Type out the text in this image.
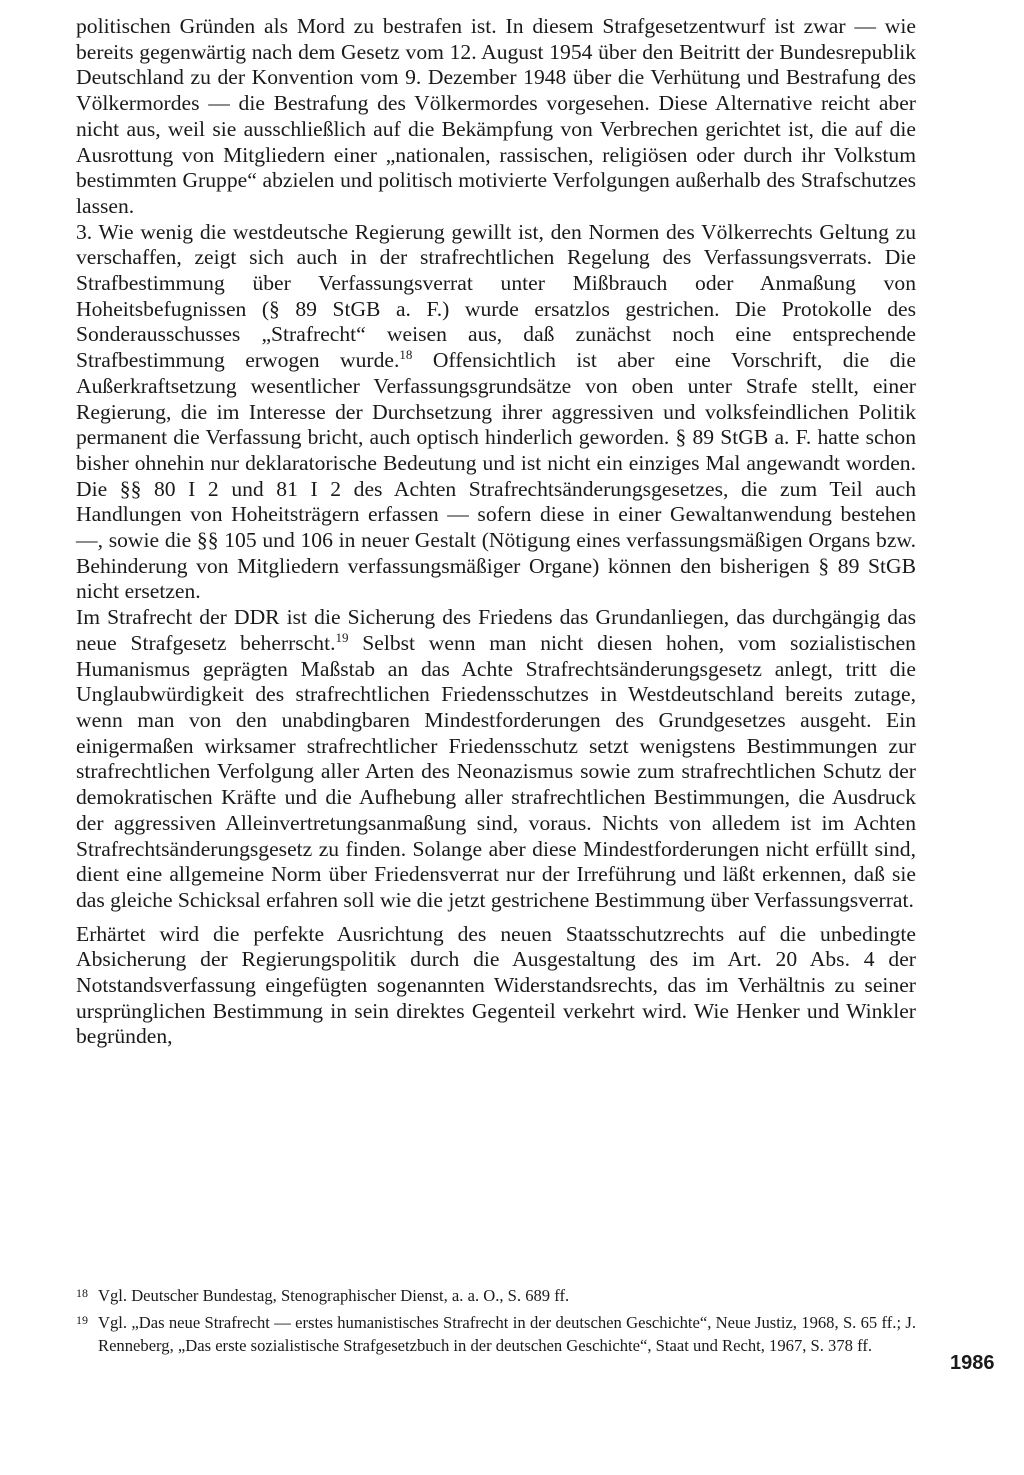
politischen Gründen als Mord zu bestrafen ist. In diesem Strafgesetzentwurf ist zwar — wie bereits gegenwärtig nach dem Gesetz vom 12. August 1954 über den Beitritt der Bundesrepublik Deutschland zu der Konvention vom 9. Dezember 1948 über die Verhütung und Bestrafung des Völkermordes — die Bestrafung des Völkermordes vorgesehen. Diese Alternative reicht aber nicht aus, weil sie ausschließlich auf die Bekämpfung von Verbrechen gerichtet ist, die auf die Ausrottung von Mitgliedern einer „nationalen, rassischen, religiösen oder durch ihr Volkstum bestimmten Gruppe“ abzielen und politisch motivierte Verfolgungen außerhalb des Strafschutzes lassen.

3. Wie wenig die westdeutsche Regierung gewillt ist, den Normen des Völkerrechts Geltung zu verschaffen, zeigt sich auch in der strafrechtlichen Regelung des Verfassungsverrats. Die Strafbestimmung über Verfassungsverrat unter Mißbrauch oder Anmaßung von Hoheitsbefugnissen (§ 89 StGB a. F.) wurde ersatzlos gestrichen. Die Protokolle des Sonderausschusses „Strafrecht“ weisen aus, daß zunächst noch eine entsprechende Strafbestimmung erwogen wurde.$^{18}$ Offensichtlich ist aber eine Vorschrift, die die Außerkraftsetzung wesentlicher Verfassungsgrundsätze von oben unter Strafe stellt, einer Regierung, die im Interesse der Durchsetzung ihrer aggressiven und volksfeindlichen Politik permanent die Verfassung bricht, auch optisch hinderlich geworden. § 89 StGB a. F. hatte schon bisher ohnehin nur deklaratorische Bedeutung und ist nicht ein einziges Mal angewandt worden. Die §§ 80 I 2 und 81 I 2 des Achten Strafrechtsänderungsgesetzes, die zum Teil auch Handlungen von Hoheitsträgern erfassen — sofern diese in einer Gewaltanwendung bestehen —, sowie die §§ 105 und 106 in neuer Gestalt (Nötigung eines verfassungsmäßigen Organs bzw. Behinderung von Mitgliedern verfassungsmäßiger Organe) können den bisherigen § 89 StGB nicht ersetzen.

Im Strafrecht der DDR ist die Sicherung des Friedens das Grundanliegen, das durchgängig das neue Strafgesetz beherrscht.$^{19}$ Selbst wenn man nicht diesen hohen, vom sozialistischen Humanismus geprägten Maßstab an das Achte Strafrechtsänderungsgesetz anlegt, tritt die Unglaubwürdigkeit des strafrechtlichen Friedensschutzes in Westdeutschland bereits zutage, wenn man von den unabdingbaren Mindestforderungen des Grundgesetzes ausgeht. Ein einigermaßen wirksamer strafrechtlicher Friedensschutz setzt wenigstens Bestimmungen zur strafrechtlichen Verfolgung aller Arten des Neonazismus sowie zum strafrechtlichen Schutz der demokratischen Kräfte und die Aufhebung aller strafrechtlichen Bestimmungen, die Ausdruck der aggressiven Alleinvertretungsanmaßung sind, voraus. Nichts von alledem ist im Achten Strafrechtsänderungsgesetz zu finden. Solange aber diese Mindestforderungen nicht erfüllt sind, dient eine allgemeine Norm über Friedensverrat nur der Irreführung und läßt erkennen, daß sie das gleiche Schicksal erfahren soll wie die jetzt gestrichene Bestimmung über Verfassungsverrat.

Erhärtet wird die perfekte Ausrichtung des neuen Staatsschutzrechts auf die unbedingte Absicherung der Regierungspolitik durch die Ausgestaltung des im Art. 20 Abs. 4 der Notstandsverfassung eingefügten sogenannten Widerstandsrechts, das im Verhältnis zu seiner ursprünglichen Bestimmung in sein direktes Gegenteil verkehrt wird. Wie Henker und Winkler begründen,

18 Vgl. Deutscher Bundestag, Stenographischer Dienst, a. a. O., S. 689 ff.
19 Vgl. „Das neue Strafrecht — erstes humanistisches Strafrecht in der deutschen Geschichte“, Neue Justiz, 1968, S. 65 ff.; J. Renneberg, „Das erste sozialistische Strafgesetzbuch in der deutschen Geschichte“, Staat und Recht, 1967, S. 378 ff.
1986
